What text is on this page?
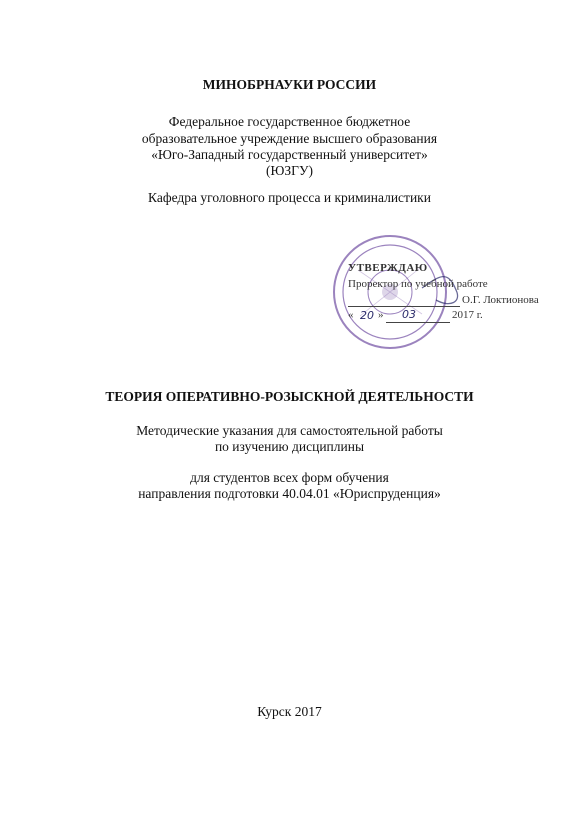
МИНОБРНАУКИ РОССИИ
Федеральное государственное бюджетное
образовательное учреждение высшего образования
«Юго-Западный государственный университет»
(ЮЗГУ)
Кафедра уголовного процесса и криминалистики
УТВЕРЖДАЮ
Проректор по учебной работе
О.Г. Локтионова
« 20 » 03	2017 г.
ТЕОРИЯ ОПЕРАТИВНО-РОЗЫСКНОЙ ДЕЯТЕЛЬНОСТИ
Методические указания для самостоятельной работы
по изучению дисциплины
для студентов всех форм обучения
направления подготовки 40.04.01 «Юриспруденция»
Курск 2017
